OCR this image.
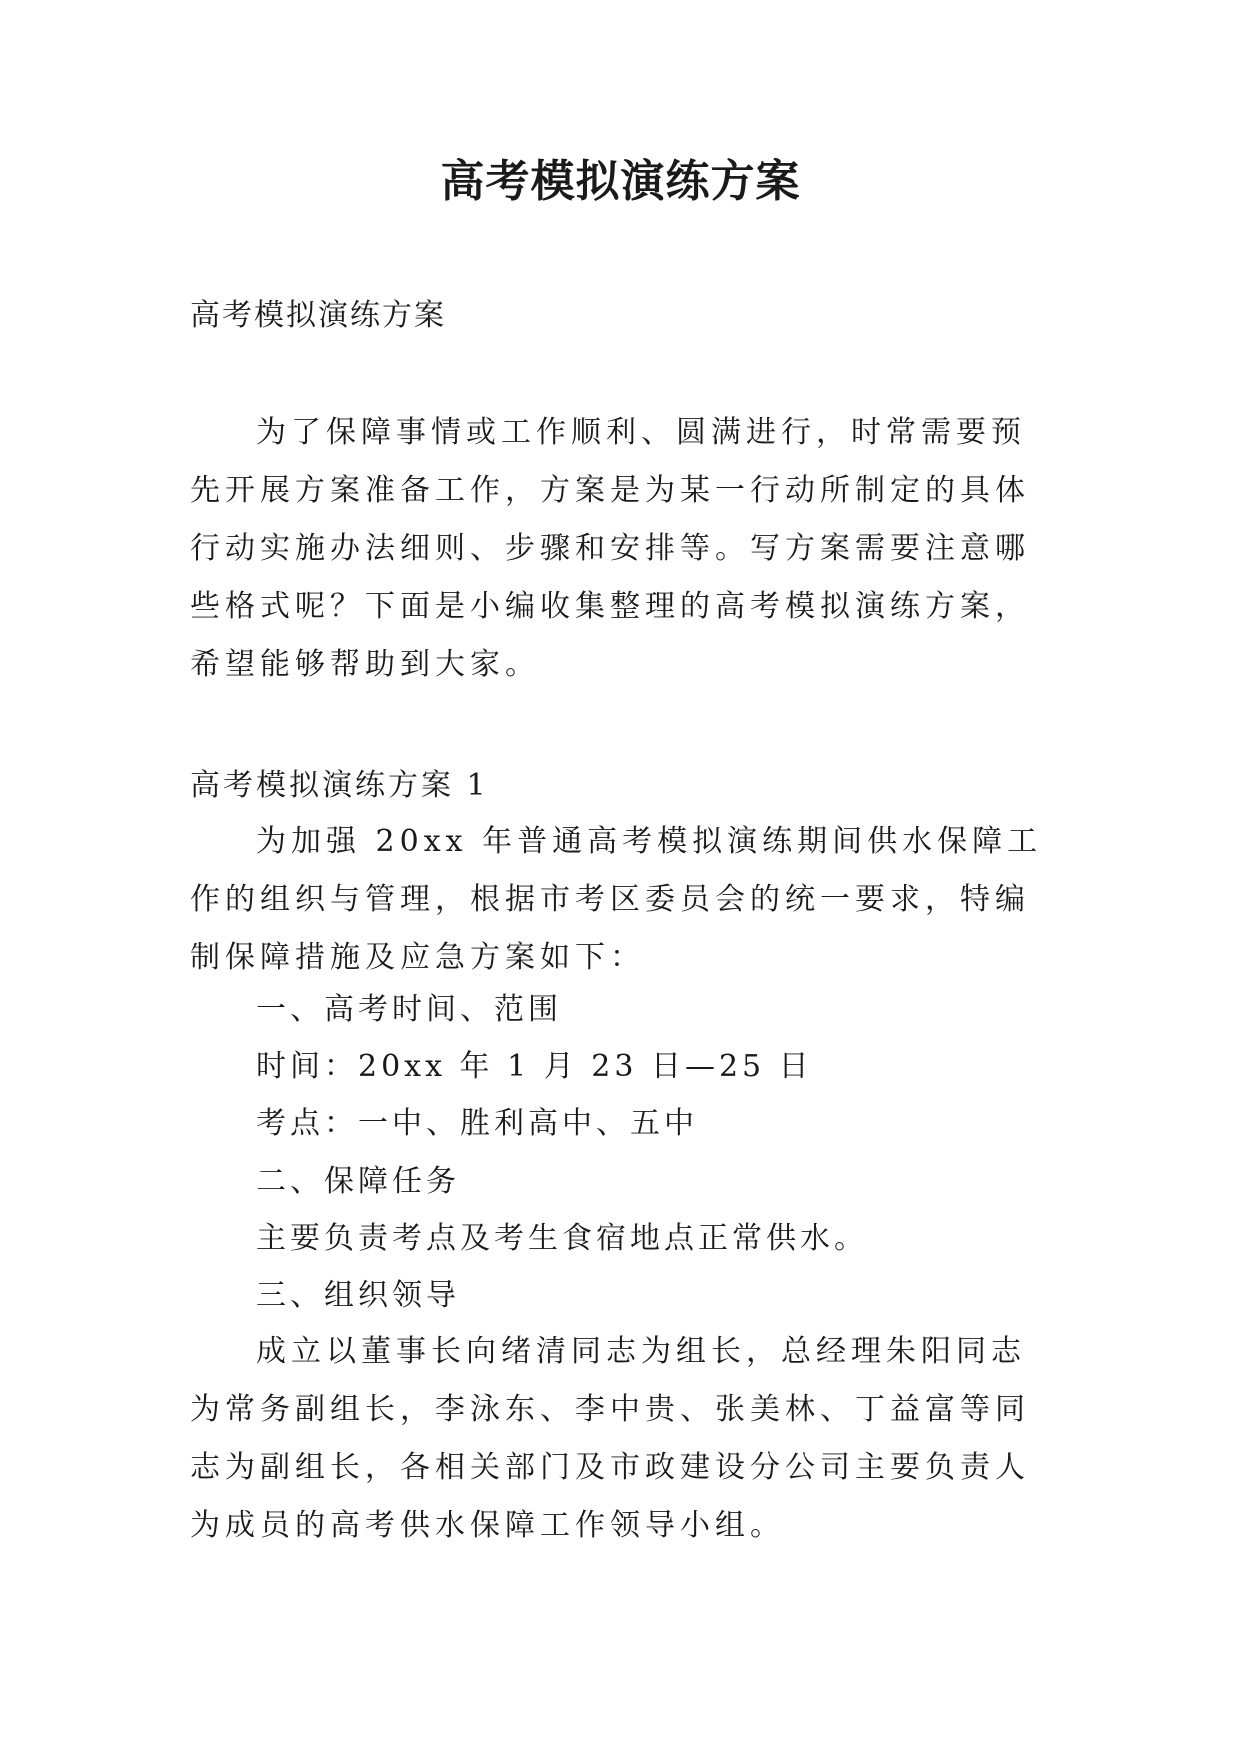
高考模拟演练方案

高考模拟演练方案

为了保障事情或工作顺利、圆满进行，时常需要预先开展方案准备工作，方案是为某一行动所制定的具体行动实施办法细则、步骤和安排等。写方案需要注意哪些格式呢？下面是小编收集整理的高考模拟演练方案，希望能够帮助到大家。

高考模拟演练方案 1

为加强 20xx 年普通高考模拟演练期间供水保障工作的组织与管理，根据市考区委员会的统一要求，特编制保障措施及应急方案如下：

一、高考时间、范围

时间：20xx 年 1 月 23 日—25 日

考点：一中、胜利高中、五中

二、保障任务

主要负责考点及考生食宿地点正常供水。

三、组织领导

成立以董事长向绪清同志为组长，总经理朱阳同志为常务副组长，李泳东、李中贵、张美林、丁益富等同志为副组长，各相关部门及市政建设分公司主要负责人为成员的高考供水保障工作领导小组。
